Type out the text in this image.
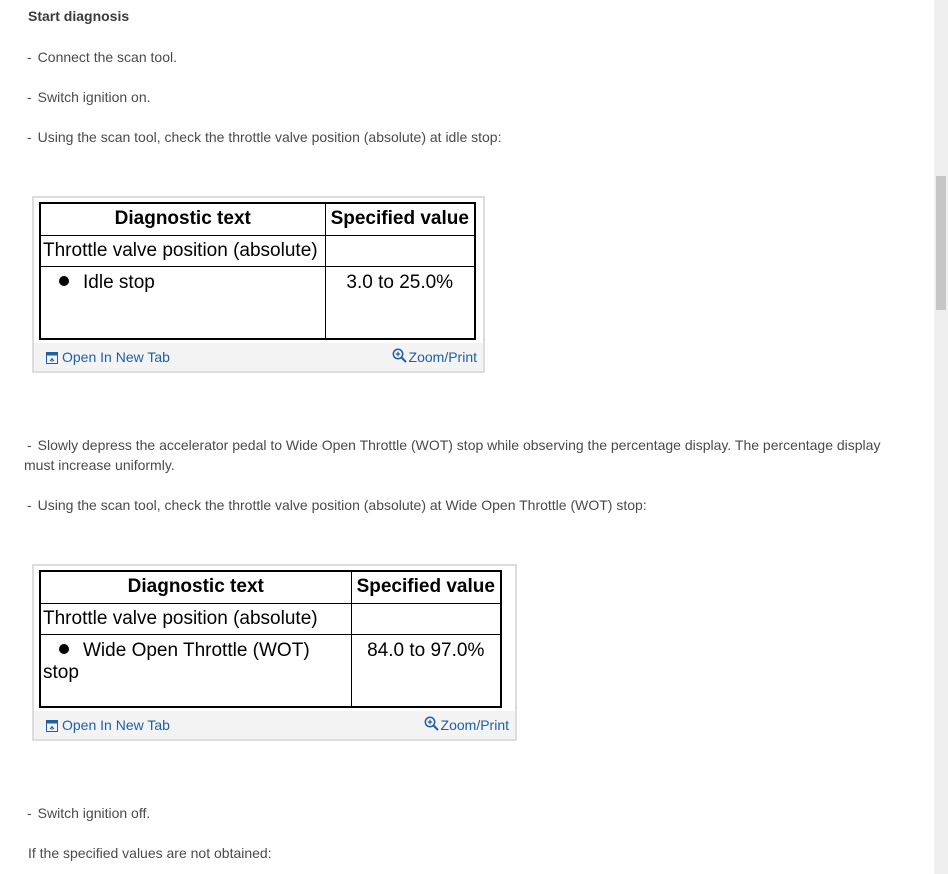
Start diagnosis
- Connect the scan tool.
- Switch ignition on.
- Using the scan tool, check the throttle valve position (absolute) at idle stop:
Diagnostic text	Specified value
Throttle valve position (absolute)	
Idle stop	3.0 to 25.0%
Open In New Tab	Zoom/Print
- Slowly depress the accelerator pedal to Wide Open Throttle (WOT) stop while observing the percentage display. The percentage display must increase uniformly.
- Using the scan tool, check the throttle valve position (absolute) at Wide Open Throttle (WOT) stop:
Diagnostic text	Specified value
Throttle valve position (absolute)	
Wide Open Throttle (WOT) stop	84.0 to 97.0%
Open In New Tab	Zoom/Print
- Switch ignition off.
If the specified values are not obtained:
